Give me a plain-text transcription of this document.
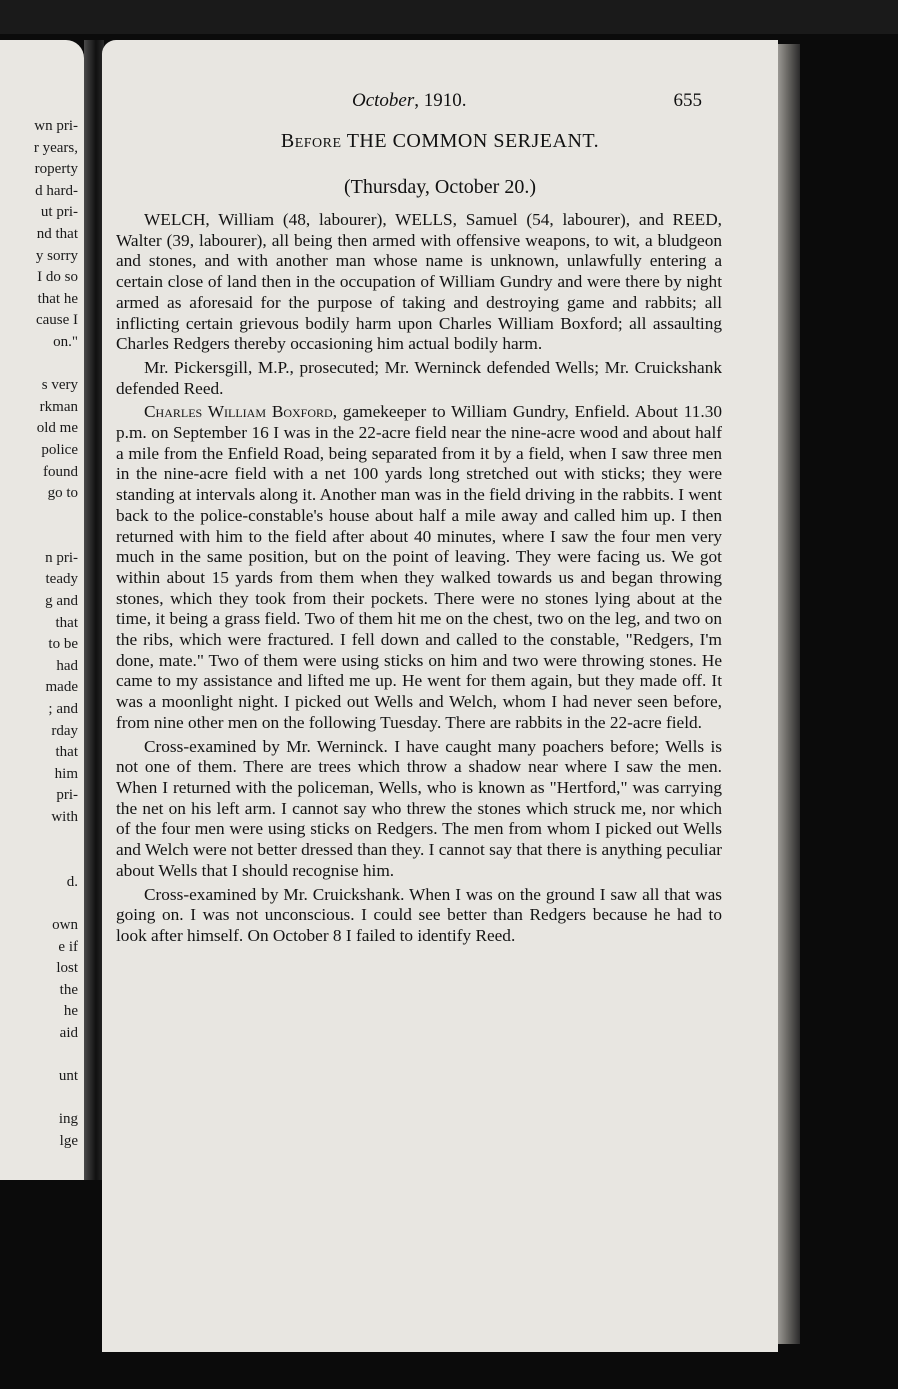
wn pri-
r years,
roperty
d hard-
ut pri-
nd that
y sorry
I do so
that he
cause I
on."
s very
rkman
old me
police
found
go to
n pri-
teady
g and
that
to be
had
made
; and
rday
that
him
pri-
with
d.
own
e if
lost
the
he
aid
unt
ing
lge
October, 1910.	655
Before THE COMMON SERJEANT.
(Thursday, October 20.)

WELCH, William (48, labourer), WELLS, Samuel (54, labourer), and REED, Walter (39, labourer), all being then armed with offensive weapons, to wit, a bludgeon and stones, and with another man whose name is unknown, unlawfully entering a certain close of land then in the occupation of William Gundry and were there by night armed as aforesaid for the purpose of taking and destroying game and rabbits; all inflicting certain grievous bodily harm upon Charles William Boxford; all assaulting Charles Redgers thereby occasioning him actual bodily harm.

Mr. Pickersgill, M.P., prosecuted; Mr. Werninck defended Wells; Mr. Cruickshank defended Reed.

Charles William Boxford, gamekeeper to William Gundry, Enfield. About 11.30 p.m. on September 16 I was in the 22-acre field near the nine-acre wood and about half a mile from the Enfield Road, being separated from it by a field, when I saw three men in the nine-acre field with a net 100 yards long stretched out with sticks; they were standing at intervals along it. Another man was in the field driving in the rabbits. I went back to the police-constable's house about half a mile away and called him up. I then returned with him to the field after about 40 minutes, where I saw the four men very much in the same position, but on the point of leaving. They were facing us. We got within about 15 yards from them when they walked towards us and began throwing stones, which they took from their pockets. There were no stones lying about at the time, it being a grass field. Two of them hit me on the chest, two on the leg, and two on the ribs, which were fractured. I fell down and called to the constable, "Redgers, I'm done, mate." Two of them were using sticks on him and two were throwing stones. He came to my assistance and lifted me up. He went for them again, but they made off. It was a moonlight night. I picked out Wells and Welch, whom I had never seen before, from nine other men on the following Tuesday. There are rabbits in the 22-acre field.

Cross-examined by Mr. Werninck. I have caught many poachers before; Wells is not one of them. There are trees which throw a shadow near where I saw the men. When I returned with the policeman, Wells, who is known as "Hertford," was carrying the net on his left arm. I cannot say who threw the stones which struck me, nor which of the four men were using sticks on Redgers. The men from whom I picked out Wells and Welch were not better dressed than they. I cannot say that there is anything peculiar about Wells that I should recognise him.

Cross-examined by Mr. Cruickshank. When I was on the ground I saw all that was going on. I was not unconscious. I could see better than Redgers because he had to look after himself. On October 8 I failed to identify Reed.
